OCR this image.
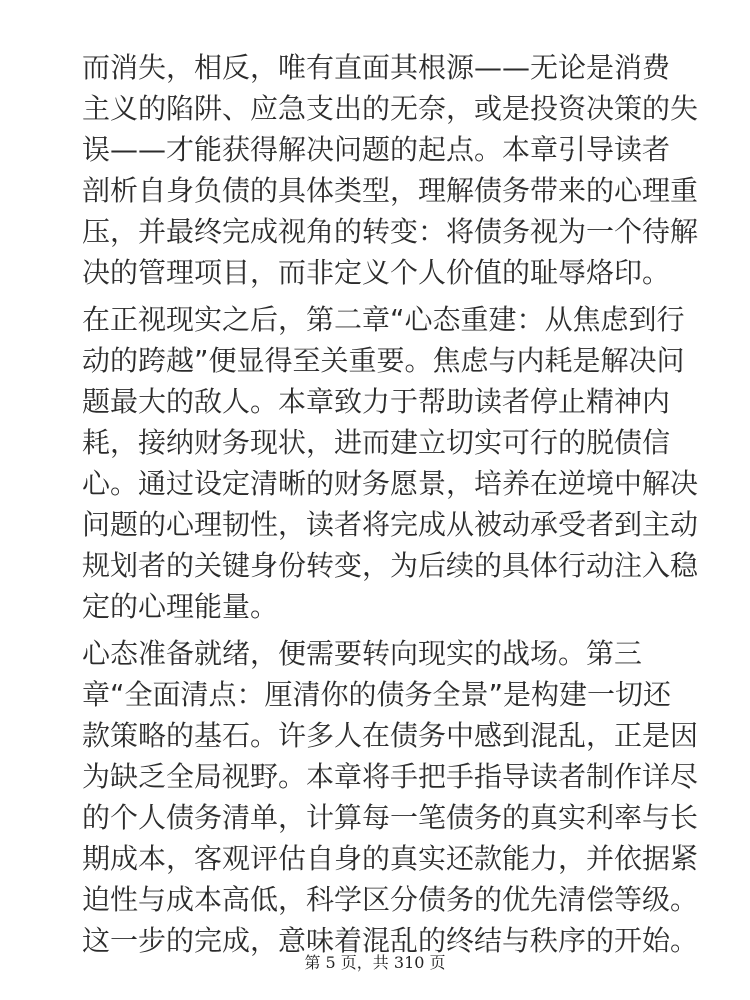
而消失，相反，唯有直面其根源——无论是消费
主义的陷阱、应急支出的无奈，或是投资决策的失
误——才能获得解决问题的起点。本章引导读者
剖析自身负债的具体类型，理解债务带来的心理重
压，并最终完成视角的转变：将债务视为一个待解
决的管理项目，而非定义个人价值的耻辱烙印。

在正视现实之后，第二章“心态重建：从焦虑到行
动的跨越”便显得至关重要。焦虑与内耗是解决问
题最大的敌人。本章致力于帮助读者停止精神内
耗，接纳财务现状，进而建立切实可行的脱债信
心。通过设定清晰的财务愿景，培养在逆境中解决
问题的心理韧性，读者将完成从被动承受者到主动
规划者的关键身份转变，为后续的具体行动注入稳
定的心理能量。

心态准备就绪，便需要转向现实的战场。第三
章“全面清点：厘清你的债务全景”是构建一切还
款策略的基石。许多人在债务中感到混乱，正是因
为缺乏全局视野。本章将手把手指导读者制作详尽
的个人债务清单，计算每一笔债务的真实利率与长
期成本，客观评估自身的真实还款能力，并依据紧
迫性与成本高低，科学区分债务的优先清偿等级。
这一步的完成，意味着混乱的终结与秩序的开始。

第 5 页，共 310 页
